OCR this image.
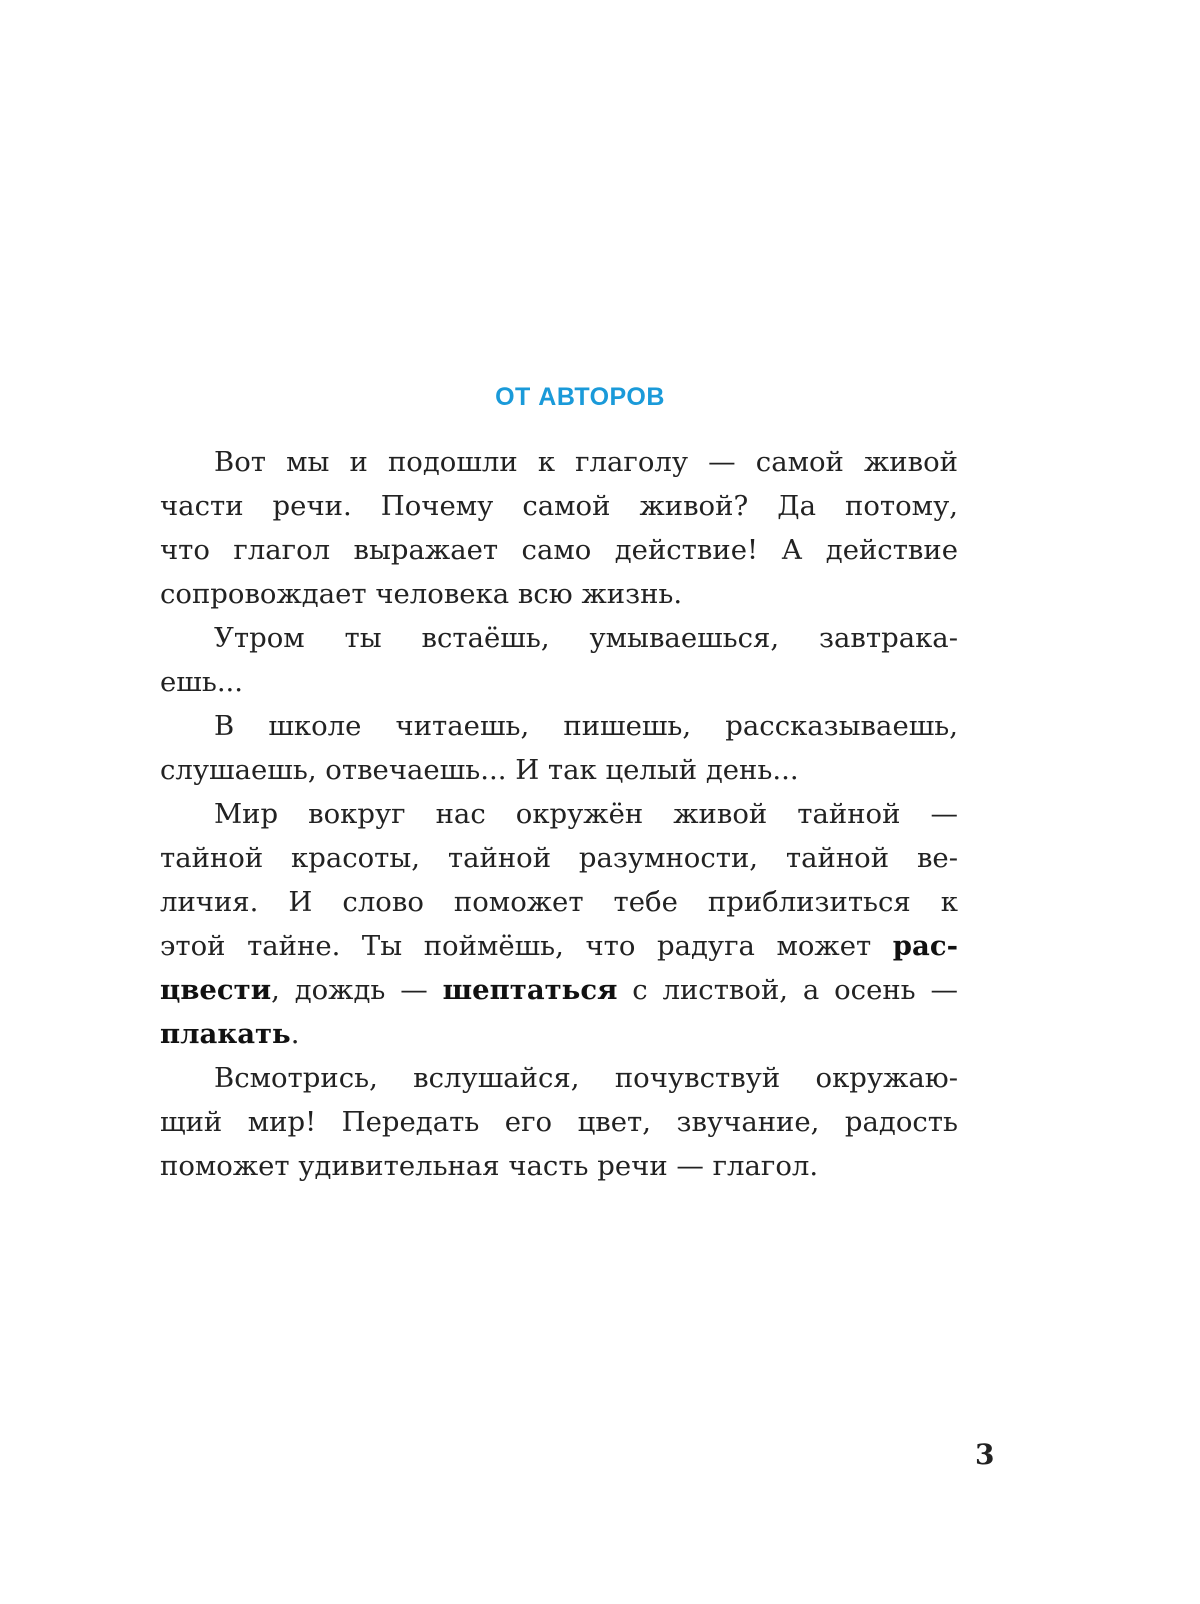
ОТ АВТОРОВ
Вот мы и подошли к глаголу — самой живой
части речи. Почему самой живой? Да потому,
что глагол выражает само действие! А действие
сопровождает человека всю жизнь.
Утром ты встаёшь, умываешься, завтрака-
ешь...
В школе читаешь, пишешь, рассказываешь,
слушаешь, отвечаешь... И так целый день...
Мир вокруг нас окружён живой тайной —
тайной красоты, тайной разумности, тайной ве-
личия. И слово поможет тебе приблизиться к
этой тайне. Ты поймёшь, что радуга может рас-
цвести, дождь — шептаться с листвой, а осень —
плакать.
Всмотрись, вслушайся, почувствуй окружаю-
щий мир! Передать его цвет, звучание, радость
поможет удивительная часть речи — глагол.
3
